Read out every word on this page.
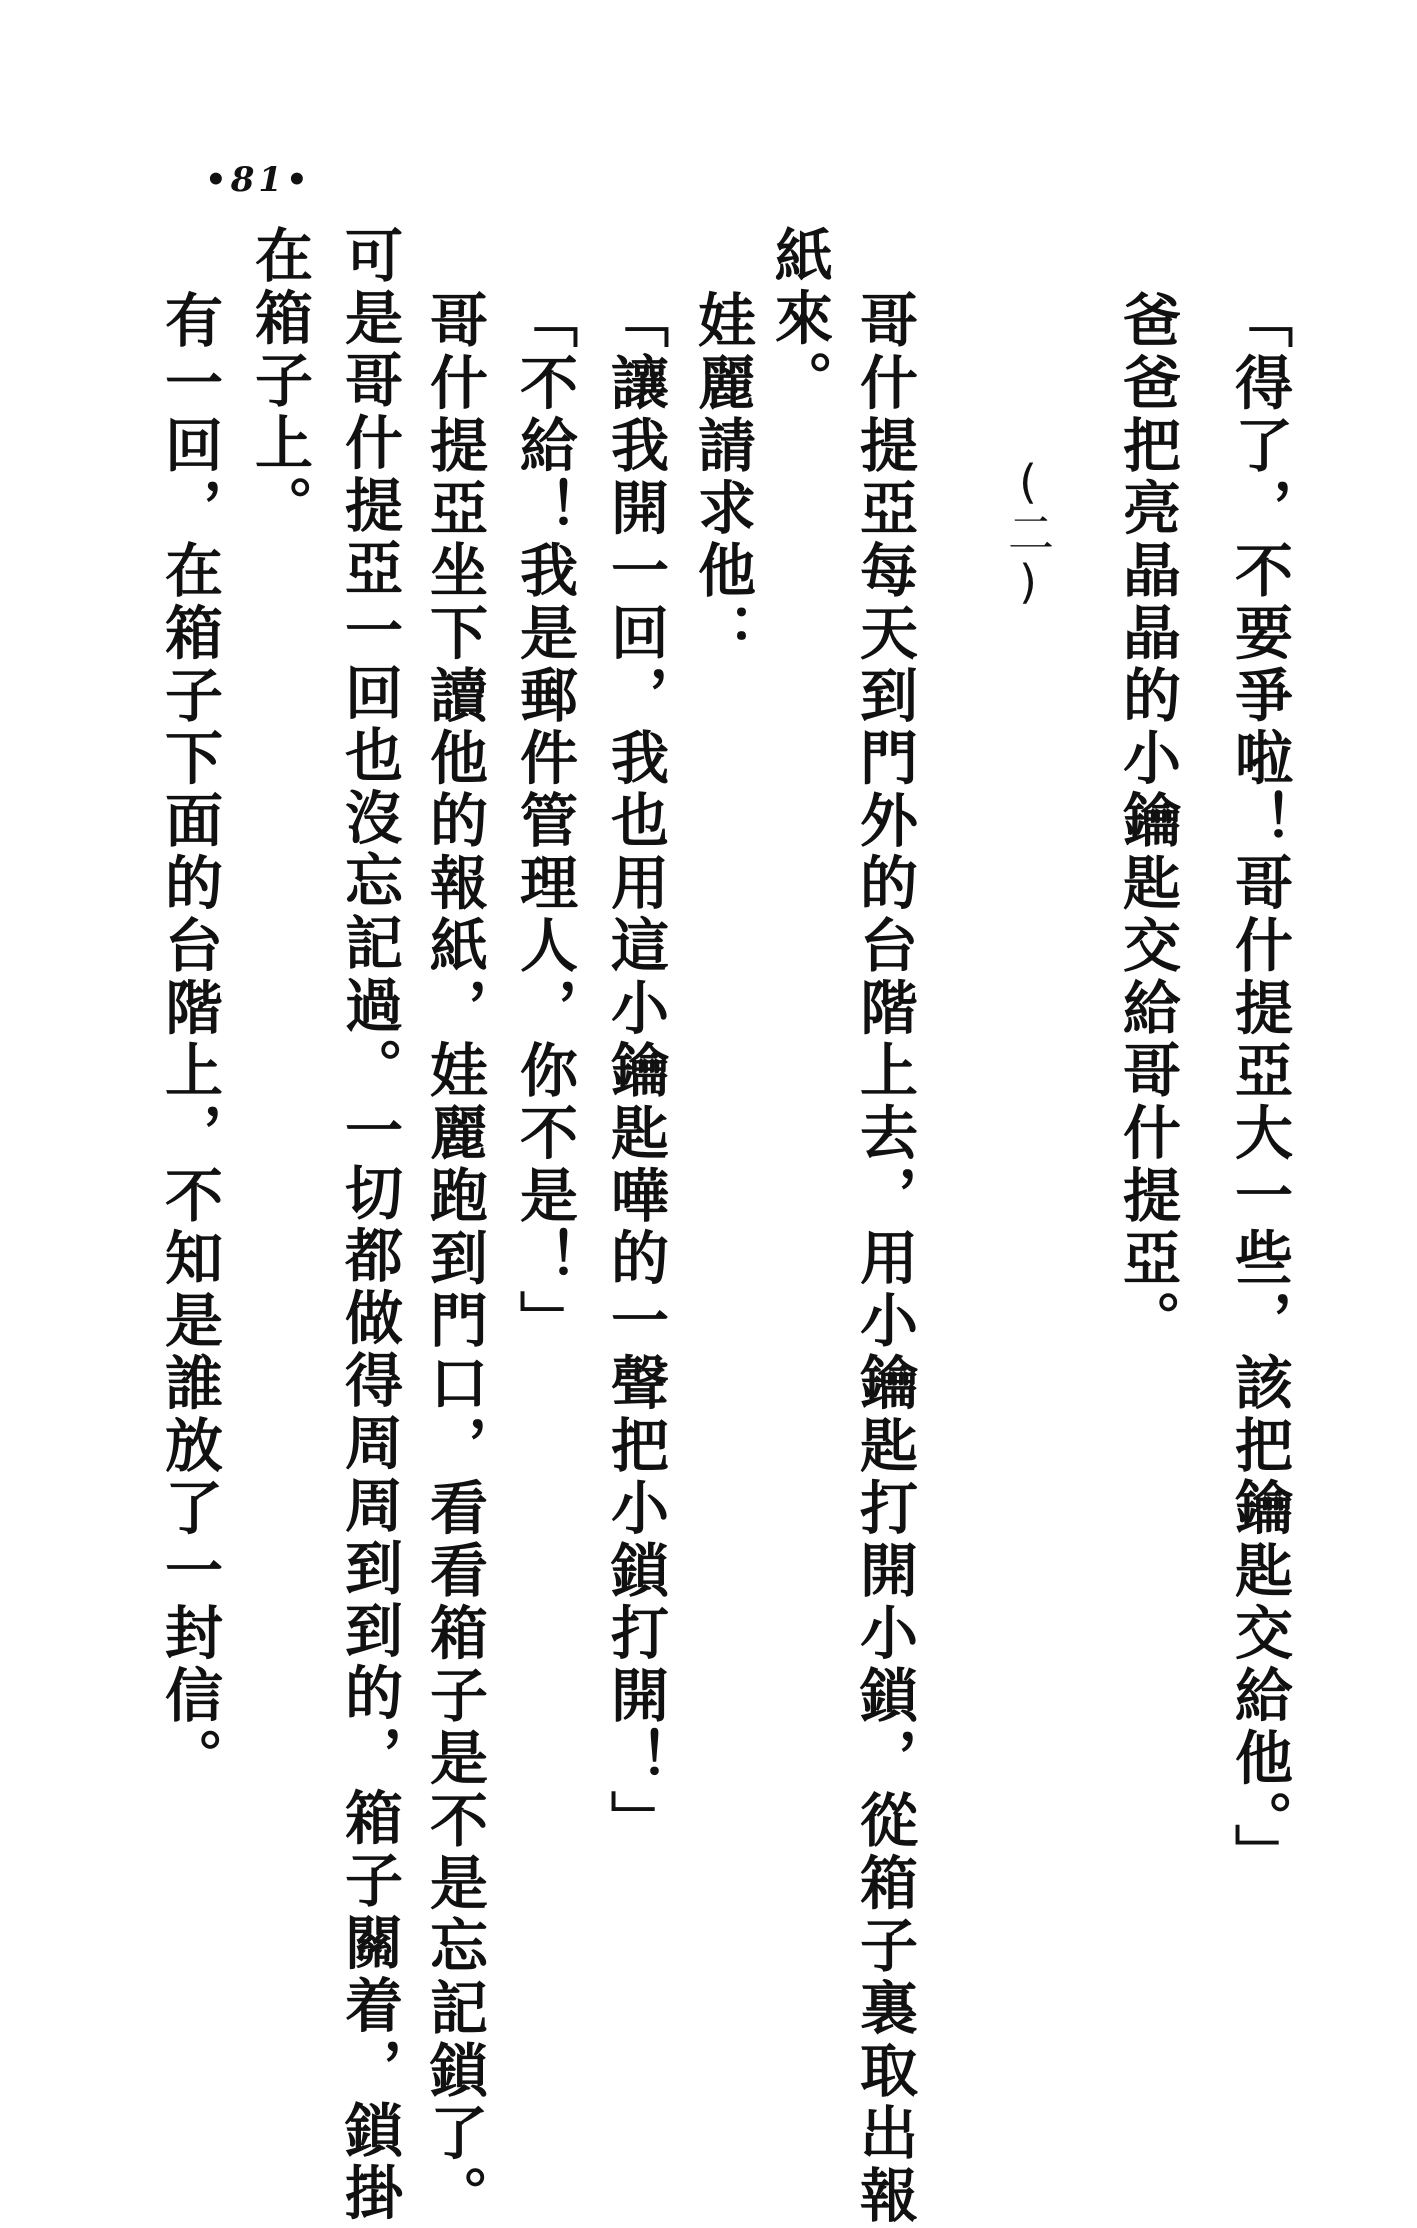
•81•
「得了，不要爭啦！哥什提亞大一些，該把鑰匙交給他。」
爸爸把亮晶晶的小鑰匙交給哥什提亞。
(二)
哥什提亞每天到門外的台階上去，用小鑰匙打開小鎖，從箱子裏取出報
紙來。
娃麗請求他：
「讓我開一回，我也用這小鑰匙嘩的一聲把小鎖打開！」
「不給！我是郵件管理人，你不是！」
哥什提亞坐下讀他的報紙，娃麗跑到門口，看看箱子是不是忘記鎖了。
可是哥什提亞一回也沒忘記過。一切都做得周周到到的，箱子關着，鎖掛
在箱子上。
有一回，在箱子下面的台階上，不知是誰放了一封信。
